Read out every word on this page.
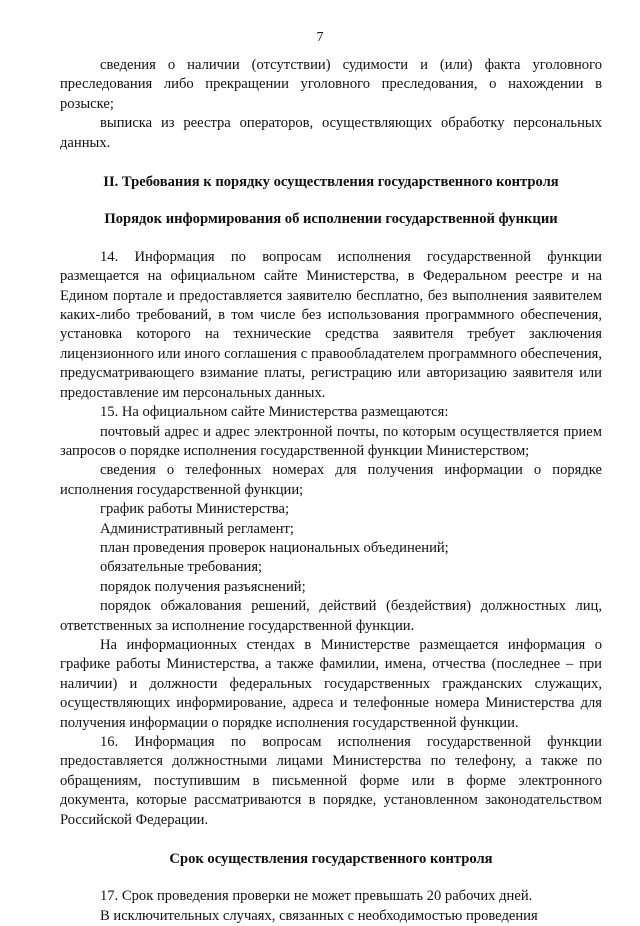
7

сведения о наличии (отсутствии) судимости и (или) факта уголовного преследования либо прекращении уголовного преследования, о нахождении в розыске;

выписка из реестра операторов, осуществляющих обработку персональных данных.

II. Требования к порядку осуществления государственного контроля

Порядок информирования об исполнении государственной функции

14. Информация по вопросам исполнения государственной функции размещается на официальном сайте Министерства, в Федеральном реестре и на Едином портале и предоставляется заявителю бесплатно, без выполнения заявителем каких-либо требований, в том числе без использования программного обеспечения, установка которого на технические средства заявителя требует заключения лицензионного или иного соглашения с правообладателем программного обеспечения, предусматривающего взимание платы, регистрацию или авторизацию заявителя или предоставление им персональных данных.

15. На официальном сайте Министерства размещаются:

почтовый адрес и адрес электронной почты, по которым осуществляется прием запросов о порядке исполнения государственной функции Министерством;

сведения о телефонных номерах для получения информации о порядке исполнения государственной функции;

график работы Министерства;

Административный регламент;

план проведения проверок национальных объединений;

обязательные требования;

порядок получения разъяснений;

порядок обжалования решений, действий (бездействия) должностных лиц, ответственных за исполнение государственной функции.

На информационных стендах в Министерстве размещается информация о графике работы Министерства, а также фамилии, имена, отчества (последнее – при наличии) и должности федеральных государственных гражданских служащих, осуществляющих информирование, адреса и телефонные номера Министерства для получения информации о порядке исполнения государственной функции.

16. Информация по вопросам исполнения государственной функции предоставляется должностными лицами Министерства по телефону, а также по обращениям, поступившим в письменной форме или в форме электронного документа, которые рассматриваются в порядке, установленном законодательством Российской Федерации.

Срок осуществления государственного контроля

17. Срок проведения проверки не может превышать 20 рабочих дней.

В исключительных случаях, связанных с необходимостью проведения
